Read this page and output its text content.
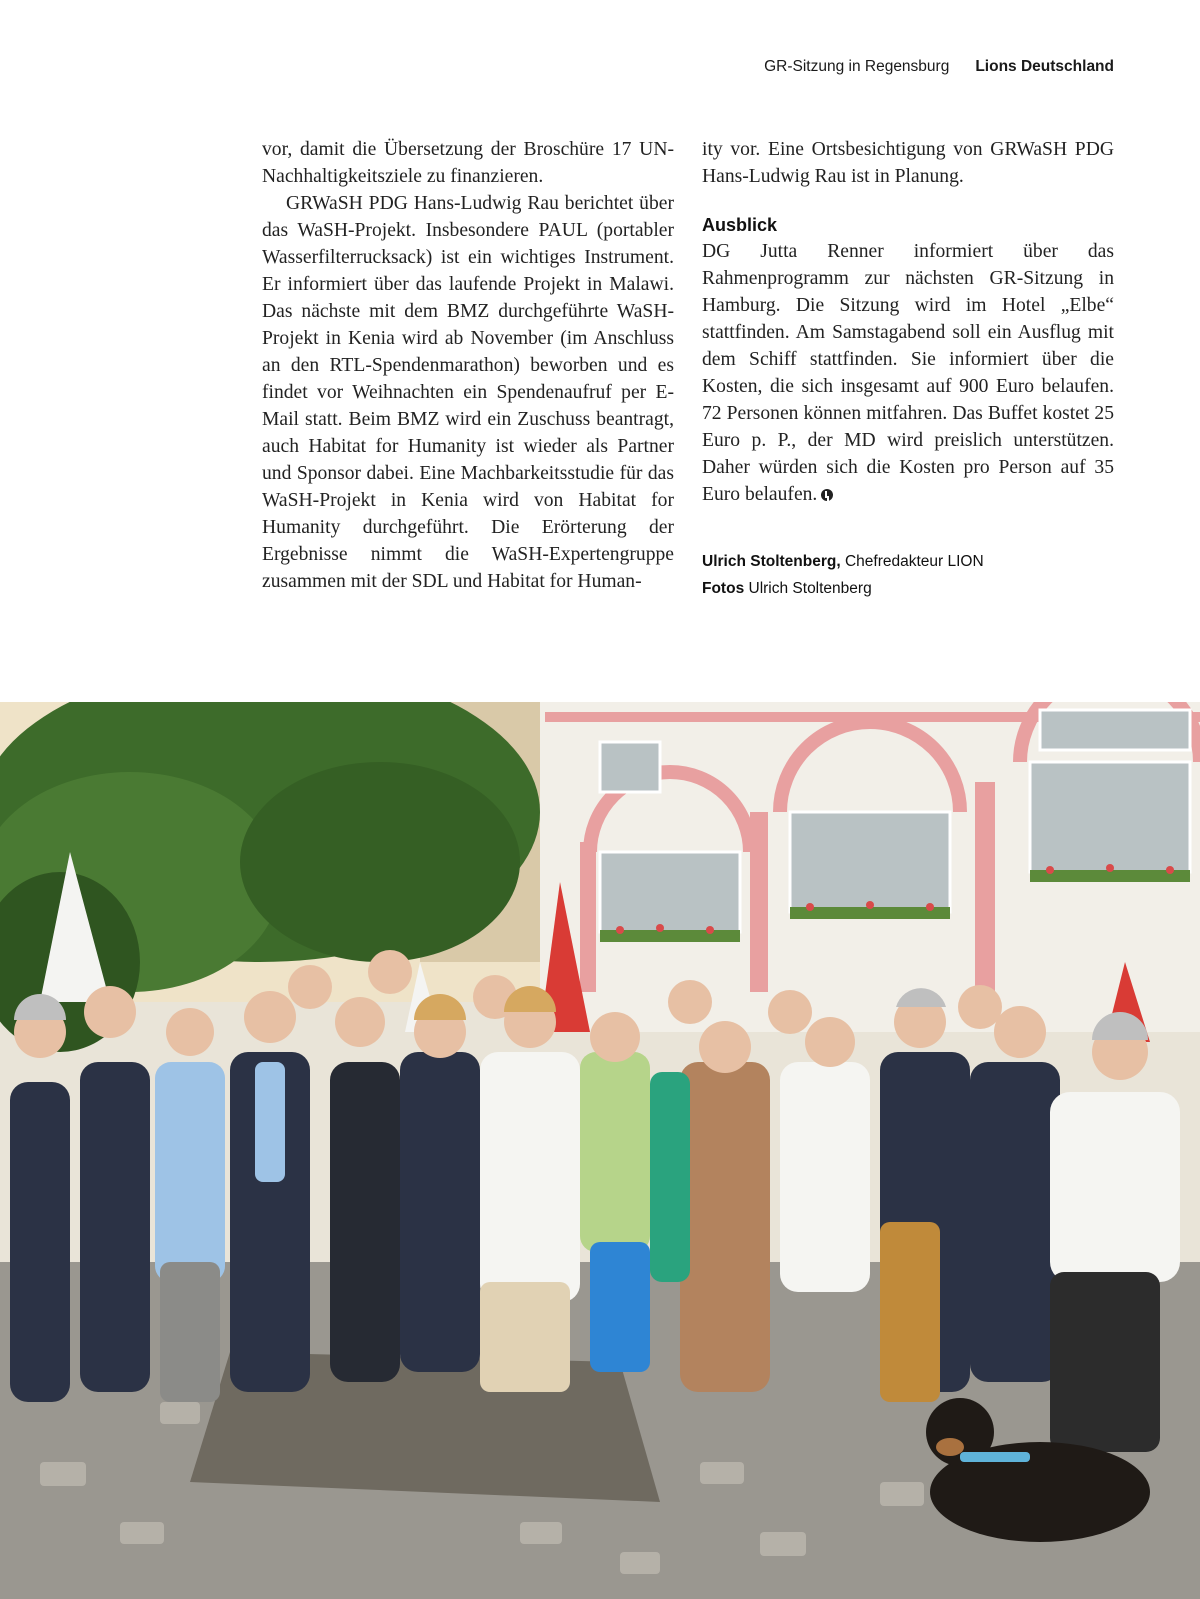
GR-Sitzung in Regensburg Lions Deutschland

vor, damit die Übersetzung der Broschüre 17 UN-Nachhaltigkeitsziele zu finanzieren.

GRWaSH PDG Hans-Ludwig Rau berichtet über das WaSH-Projekt. Insbesondere PAUL (portabler Wasserfilterrucksack) ist ein wichtiges Instrument. Er informiert über das laufende Projekt in Malawi. Das nächste mit dem BMZ durchgeführte WaSH-Projekt in Kenia wird ab November (im Anschluss an den RTL-Spendenmarathon) beworben und es findet vor Weihnachten ein Spendenaufruf per E-Mail statt. Beim BMZ wird ein Zuschuss beantragt, auch Habitat for Humanity ist wieder als Partner und Sponsor dabei. Eine Machbarkeitsstudie für das WaSH-Projekt in Kenia wird von Habitat for Humanity durchgeführt. Die Erörterung der Ergebnisse nimmt die WaSH-Expertengruppe zusammen mit der SDL und Habitat for Human-

ity vor. Eine Ortsbesichtigung von GRWaSH PDG Hans-Ludwig Rau ist in Planung.

Ausblick

DG Jutta Renner informiert über das Rahmenprogramm zur nächsten GR-Sitzung in Hamburg. Die Sitzung wird im Hotel „Elbe“ stattfinden. Am Samstagabend soll ein Ausflug mit dem Schiff stattfinden. Sie informiert über die Kosten, die sich insgesamt auf 900 Euro belaufen. 72 Personen können mitfahren. Das Buffet kostet 25 Euro p. P., der MD wird preislich unterstützen. Daher würden sich die Kosten pro Person auf 35 Euro belaufen.

Ulrich Stoltenberg, Chefredakteur LION
Fotos Ulrich Stoltenberg
